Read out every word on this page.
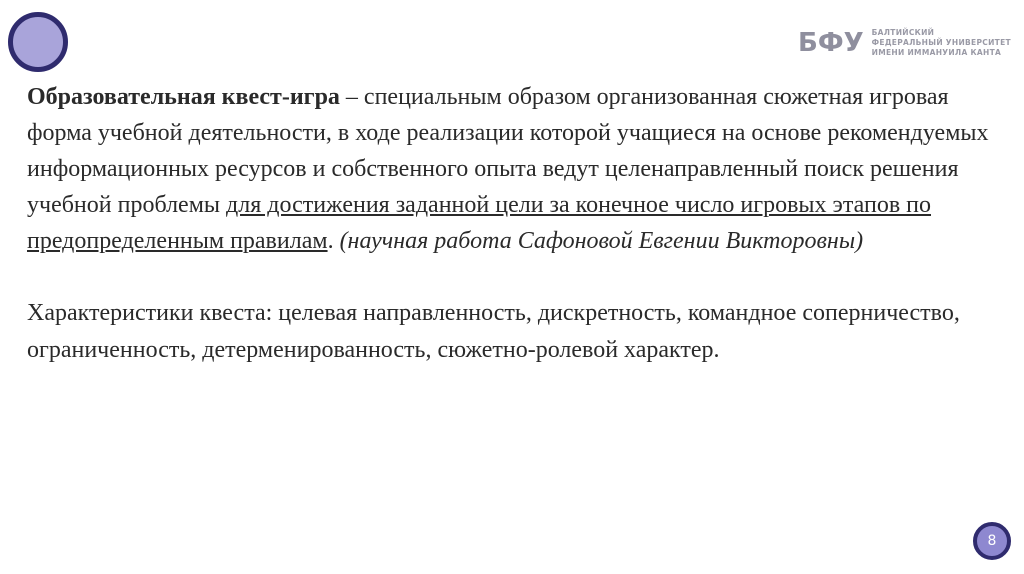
БФУ БАЛТИЙСКИЙ
ФЕДЕРАЛЬНЫЙ УНИВЕРСИТЕТ
ИМЕНИ ИММАНУИЛА КАНТА

Образовательная квест-игра – специальным образом организованная сюжетная игровая форма учебной деятельности, в ходе реализации которой учащиеся на основе рекомендуемых информационных ресурсов и собственного опыта ведут целенаправленный поиск решения учебной проблемы для достижения заданной цели за конечное число игровых этапов по предопределенным правилам. (научная работа Сафоновой Евгении Викторовны)

Характеристики квеста: целевая направленность, дискретность, командное соперничество, ограниченность, детерменированность, сюжетно-ролевой характер.

8
